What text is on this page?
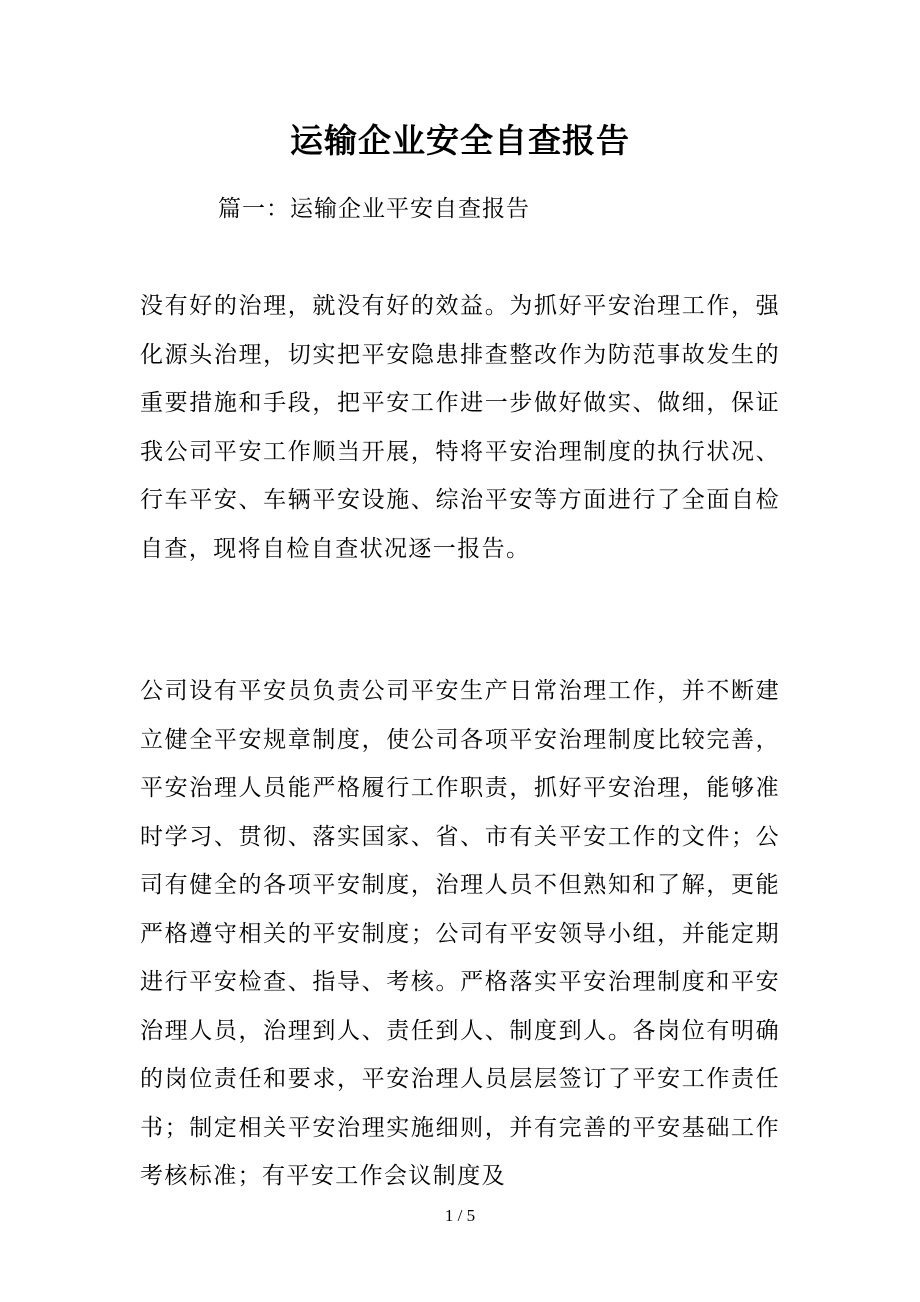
运输企业安全自查报告
篇一：运输企业平安自查报告
没有好的治理，就没有好的效益。为抓好平安治理工作，强化源头治理，切实把平安隐患排查整改作为防范事故发生的重要措施和手段，把平安工作进一步做好做实、做细，保证我公司平安工作顺当开展，特将平安治理制度的执行状况、行车平安、车辆平安设施、综治平安等方面进行了全面自检自查，现将自检自查状况逐一报告。
公司设有平安员负责公司平安生产日常治理工作，并不断建立健全平安规章制度，使公司各项平安治理制度比较完善，平安治理人员能严格履行工作职责，抓好平安治理，能够准时学习、贯彻、落实国家、省、市有关平安工作的文件；公司有健全的各项平安制度，治理人员不但熟知和了解，更能严格遵守相关的平安制度；公司有平安领导小组，并能定期进行平安检查、指导、考核。严格落实平安治理制度和平安治理人员，治理到人、责任到人、制度到人。各岗位有明确的岗位责任和要求，平安治理人员层层签订了平安工作责任书；制定相关平安治理实施细则，并有完善的平安基础工作考核标准；有平安工作会议制度及
1 / 5
